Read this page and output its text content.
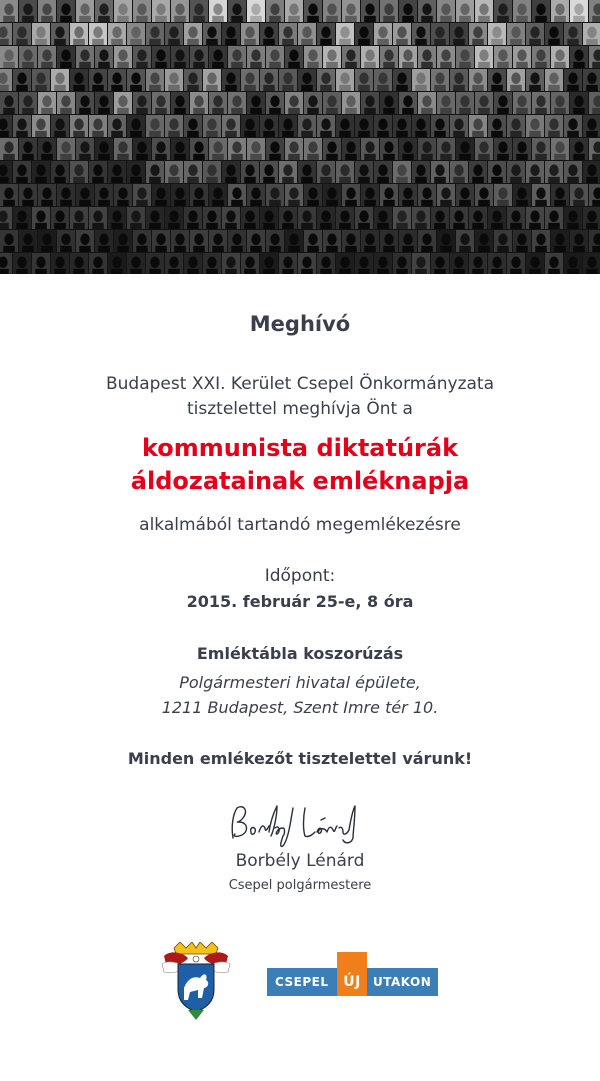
Meghívó
Budapest XXI. Kerület Csepel Önkormányzata
tisztelettel meghívja Önt a
kommunista diktatúrák
áldozatainak emléknapja
alkalmából tartandó megemlékezésre
Időpont:
2015. február 25-e, 8 óra
Emléktábla koszorúzás
Polgármesteri hivatal épülete,
1211 Budapest, Szent Imre tér 10.
Minden emlékezőt tisztelettel várunk!
Borbély Lénárd
Csepel polgármestere
CSEPEL	ÚJ	UTAKON
